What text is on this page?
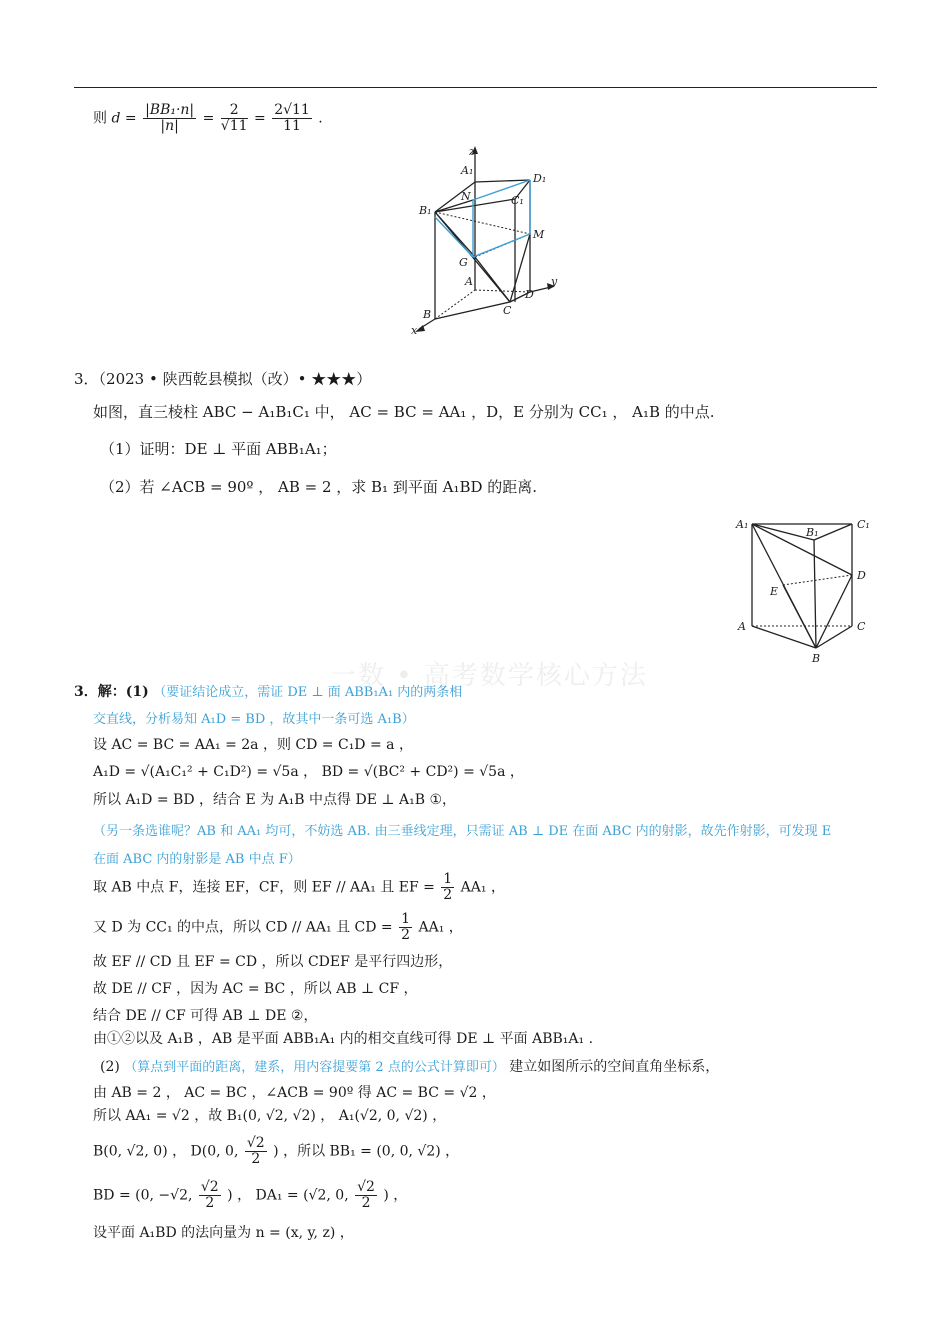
则 $d = \frac{\text{|BB₁·n|}}{|n|} = \frac{2}{√11} = \frac{2√11}{11}$ .
z
A₁
D₁
N	C₁
B₁
M
G
A	y
D
B	C
x
3．（2023 • 陕西乾县模拟（改）• ★★★）
如图，直三棱柱 ABC − A₁B₁C₁ 中， AC = BC = AA₁ ，D，E 分别为 CC₁ ， A₁B 的中点.
（1）证明：DE ⊥ 平面 ABB₁A₁；
（2）若 ∠ACB = 90º ， AB = 2 ，求 B₁ 到平面 A₁BD 的距离.
A₁
B₁
C₁
D
E
A	C
B
一数 • 高考数学核心方法
3．解：(1) （要证结论成立，需证 DE ⊥ 面 ABB₁A₁ 内的两条相
交直线，分析易知 A₁D = BD ，故其中一条可选 A₁B）
设 AC = BC = AA₁ = 2a ，则 CD = C₁D = a ，
A₁D = √(A₁C₁² + C₁D²) = √5a ， BD = √(BC² + CD²) = √5a ，
所以 A₁D = BD ，结合 E 为 A₁B 中点得 DE ⊥ A₁B ①，
（另一条选谁呢？AB 和 AA₁ 均可，不妨选 AB. 由三垂线定理，只需证 AB ⊥ DE 在面 ABC 内的射影，故先作射影，可发现 E
在面 ABC 内的射影是 AB 中点 F）
取 AB 中点 F，连接 EF，CF，则 EF // AA₁ 且 EF = $\frac{1}{2} AA_1$ ，
又 D 为 CC₁ 的中点，所以 CD // AA₁ 且 CD = $\frac{1}{2} AA_1$ ，
故 EF // CD 且 EF = CD ，所以 CDEF 是平行四边形，
故 DE // CF ，因为 AC = BC ，所以 AB ⊥ CF ，
结合 DE // CF 可得 AB ⊥ DE ②，
由①②以及 A₁B ，AB 是平面 ABB₁A₁ 内的相交直线可得 DE ⊥ 平面 ABB₁A₁ .
(2) （算点到平面的距离，建系，用内容提要第 2 点的公式计算即可） 建立如图所示的空间直角坐标系，
由 AB = 2 ， AC = BC ，∠ACB = 90º 得 AC = BC = √2 ，
所以 AA₁ = √2 ，故 B₁(0, √2, √2) ， A₁(√2, 0, √2) ，
B(0, √2, 0) ， D(0, 0, $\frac{√2}{2}$ ) ，所以 BB₁ = (0, 0, √2) ，
BD = (0, −√2, $\frac{√2}{2}$ ) ， DA₁ = (√2, 0, $\frac{√2}{2}$ ) ，
设平面 A₁BD 的法向量为 n = (x, y, z) ，
